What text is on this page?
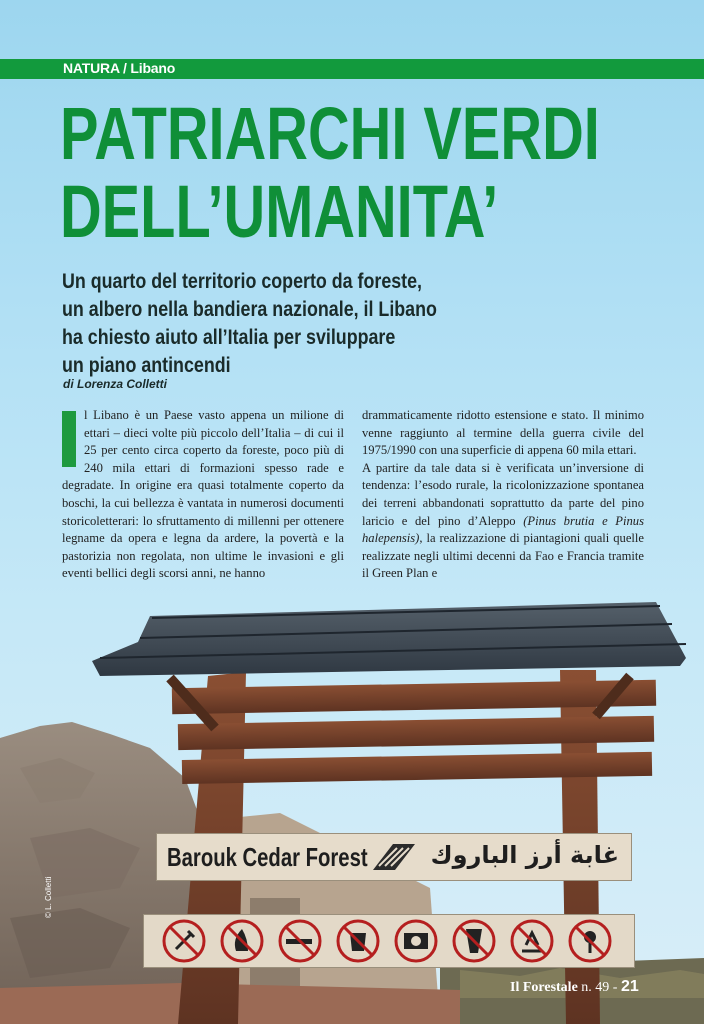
NATURA / Libano
PATRIARCHI VERDI
DELL’UMANITA’
Un quarto del territorio coperto da foreste,
un albero nella bandiera nazionale, il Libano
ha chiesto aiuto all’Italia per sviluppare
un piano antincendi
di Lorenza Colletti

I	l Libano è un Paese vasto appena un milione di ettari – dieci volte più piccolo dell’Italia – di cui il 25 per cento circa coperto da foreste, poco più di 240 mila ettari di formazioni spesso rade e degradate. In origine era quasi totalmente coperto da boschi, la cui bellezza è vantata in numerosi documenti storicoletterari: lo sfruttamento di millenni per ottenere legname da opera e legna da ardere, la povertà e la pastorizia non regolata, non ultime le invasioni e gli eventi bellici degli scorsi anni, ne hanno

drammaticamente ridotto estensione e stato. Il minimo venne raggiunto al termine della guerra civile del 1975/1990 con una superficie di appena 60 mila ettari.

A partire da tale data si è verificata un’inversione di tendenza: l’esodo rurale, la ricolonizzazione spontanea dei terreni abbandonati soprattutto da parte del pino laricio e del pino d’Aleppo (Pinus brutia e Pinus halepensis), la realizzazione di piantagioni quali quelle realizzate negli ultimi decenni da Fao e Francia tramite il Green Plan e

© L. Colletti
Barouk Cedar Forest	غابة أرز الباروك
Il Forestale n. 49 - 21
